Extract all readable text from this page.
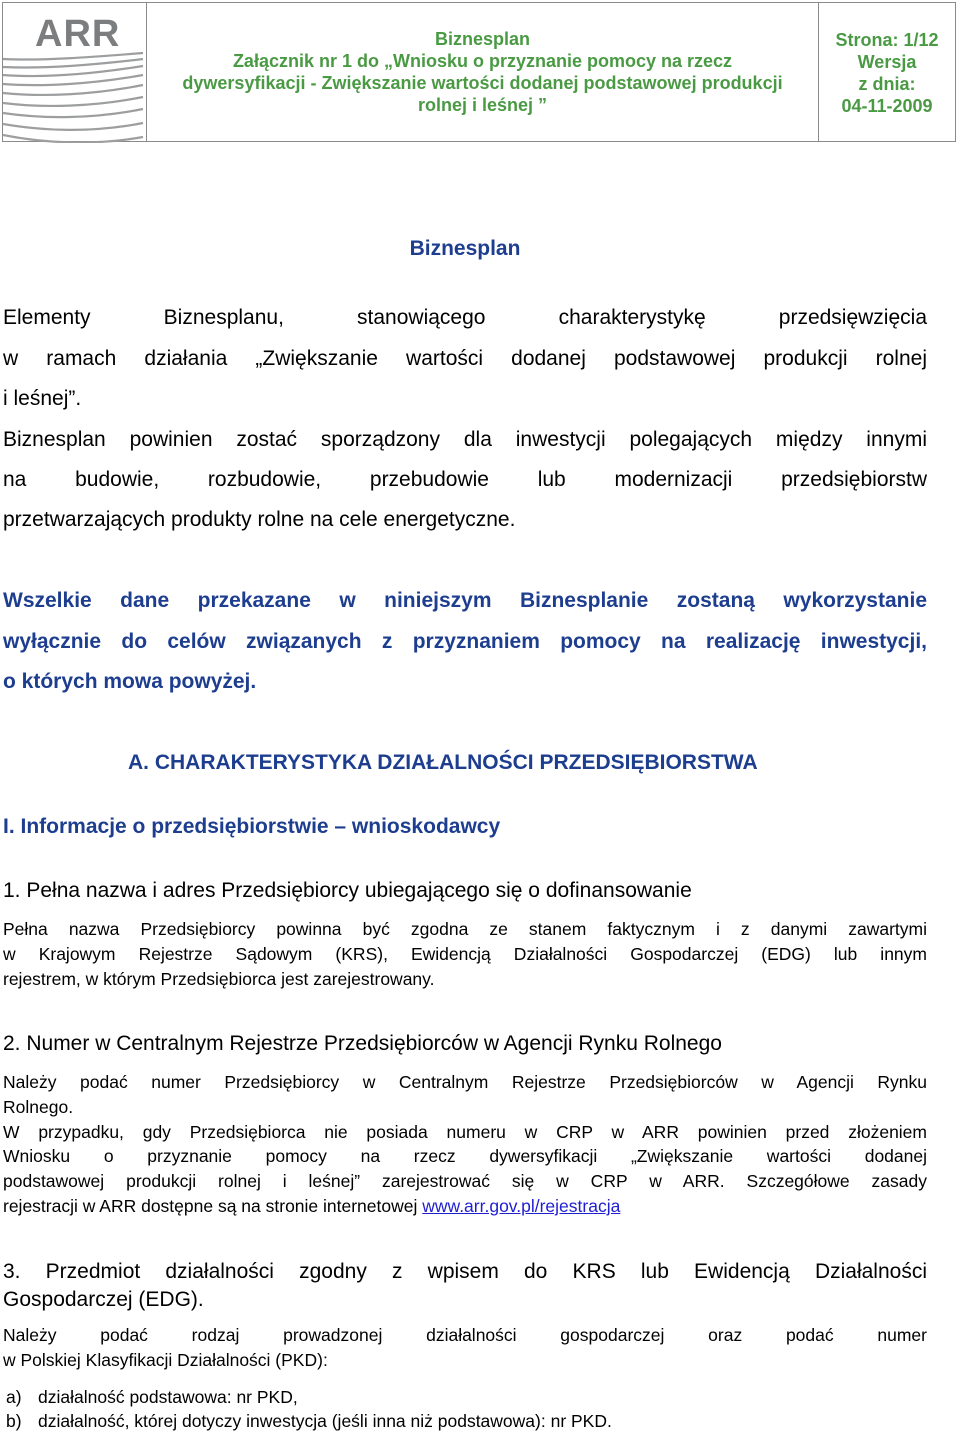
ARR	Biznesplan
Załącznik nr 1 do „Wniosku o przyznanie pomocy na rzecz
dywersyfikacji - Zwiększanie wartości dodanej podstawowej produkcji
rolnej i leśnej ”
Strona: 1/12
Wersja
z dnia:
04-11-2009
Biznesplan
Elementy Biznesplanu, stanowiącego charakterystykę przedsięwzięcia
w ramach działania „Zwiększanie wartości dodanej podstawowej produkcji rolnej
i leśnej”.
Biznesplan powinien zostać sporządzony dla inwestycji polegających między innymi
na budowie, rozbudowie, przebudowie lub modernizacji przedsiębiorstw
przetwarzających produkty rolne na cele energetyczne.
Wszelkie dane przekazane w niniejszym Biznesplanie zostaną wykorzystanie
wyłącznie do celów związanych z przyznaniem pomocy na realizację inwestycji,
o których mowa powyżej.
A. CHARAKTERYSTYKA DZIAŁALNOŚCI PRZEDSIĘBIORSTWA
I. Informacje o przedsiębiorstwie – wnioskodawcy
1. Pełna nazwa i adres Przedsiębiorcy ubiegającego się o dofinansowanie
Pełna nazwa Przedsiębiorcy powinna być zgodna ze stanem faktycznym i z danymi zawartymi
w Krajowym Rejestrze Sądowym (KRS), Ewidencją Działalności Gospodarczej (EDG) lub innym
rejestrem, w którym Przedsiębiorca jest zarejestrowany.
2. Numer w Centralnym Rejestrze Przedsiębiorców w Agencji Rynku Rolnego
Należy podać numer Przedsiębiorcy w Centralnym Rejestrze Przedsiębiorców w Agencji Rynku
Rolnego.
W przypadku, gdy Przedsiębiorca nie posiada numeru w CRP w ARR powinien przed złożeniem
Wniosku o przyznanie pomocy na rzecz dywersyfikacji „Zwiększanie wartości dodanej
podstawowej produkcji rolnej i leśnej” zarejestrować się w CRP w ARR. Szczegółowe zasady
rejestracji w ARR dostępne są na stronie internetowej www.arr.gov.pl/rejestracja
3. Przedmiot działalności zgodny z wpisem do KRS lub Ewidencją Działalności
Gospodarczej (EDG).
Należy podać rodzaj prowadzonej działalności gospodarczej oraz podać numer
w Polskiej Klasyfikacji Działalności (PKD):
a) działalność podstawowa: nr PKD,
b) działalność, której dotyczy inwestycja (jeśli inna niż podstawowa): nr PKD.
